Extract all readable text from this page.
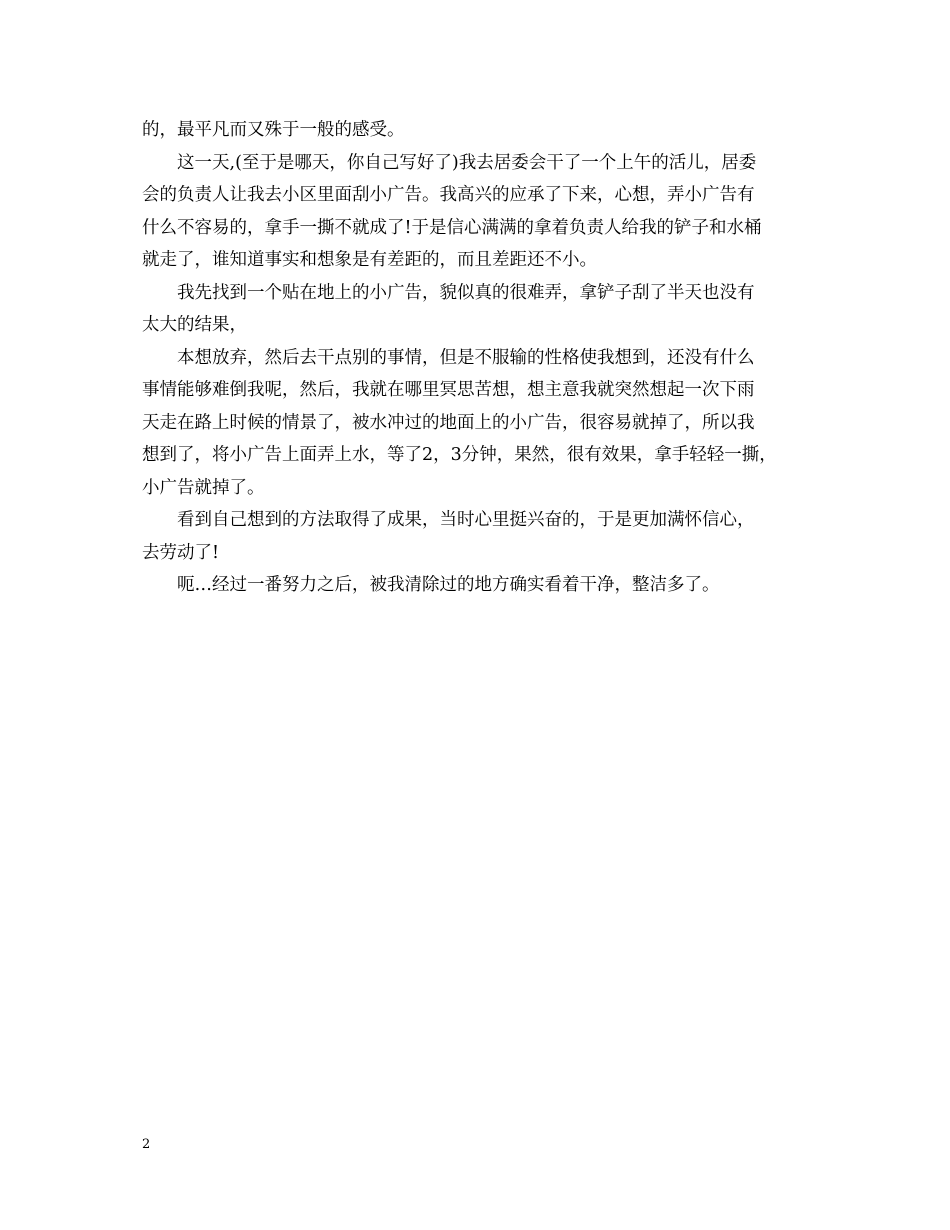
的，最平凡而又殊于一般的感受。
这一天,(至于是哪天，你自己写好了)我去居委会干了一个上午的活儿，居委
会的负责人让我去小区里面刮小广告。我高兴的应承了下来，心想，弄小广告有
什么不容易的，拿手一撕不就成了!于是信心满满的拿着负责人给我的铲子和水桶
就走了，谁知道事实和想象是有差距的，而且差距还不小。
我先找到一个贴在地上的小广告，貌似真的很难弄，拿铲子刮了半天也没有
太大的结果，
本想放弃，然后去干点别的事情，但是不服输的性格使我想到，还没有什么
事情能够难倒我呢，然后，我就在哪里冥思苦想，想主意我就突然想起一次下雨
天走在路上时候的情景了，被水冲过的地面上的小广告，很容易就掉了，所以我
想到了，将小广告上面弄上水，等了2，3分钟，果然，很有效果，拿手轻轻一撕，
小广告就掉了。
看到自己想到的方法取得了成果，当时心里挺兴奋的，于是更加满怀信心，
去劳动了!
呃…经过一番努力之后，被我清除过的地方确实看着干净，整洁多了。
2
